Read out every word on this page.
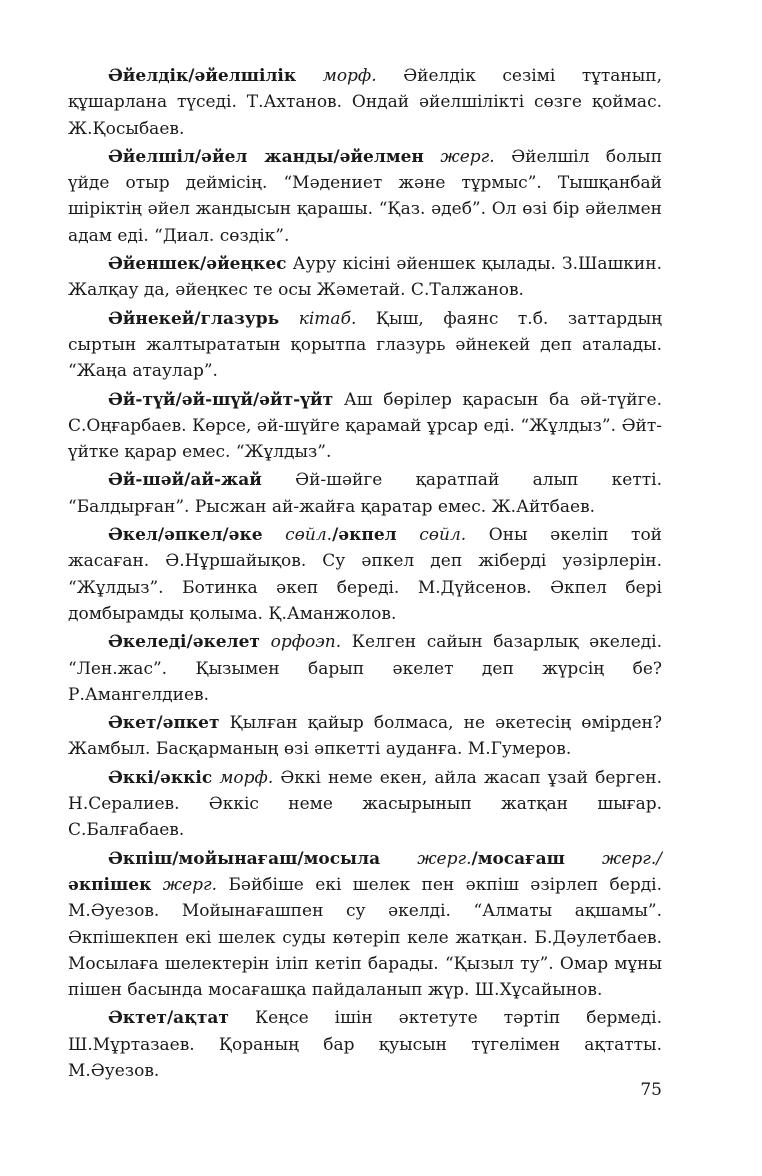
Әйелдік/әйелшілік морф. Әйелдік сезімі тұтанып, құшарлана түседі. Т.Ахтанов. Ондай әйелшілікті сөзге қоймас. Ж.Қосыбаев.

Әйелшіл/әйел жанды/әйелмен жерг. Әйелшіл болып үйде отыр деймісің. “Мәдениет және тұрмыс”. Тышқанбай шіріктің әйел жандысын қарашы. “Қаз. әдеб”. Ол өзі бір әйелмен адам еді. “Диал. сөздік”.

Әйеншек/әйеңкес Ауру кісіні әйеншек қылады. З.Шашкин. Жалқау да, әйеңкес те осы Жәметай. С.Талжанов.

Әйнекей/глазурь кітаб. Қыш, фаянс т.б. заттардың сыртын жалтырататын қорытпа глазурь әйнекей деп аталады. “Жаңа атаулар”.

Әй-түй/әй-шүй/әйт-үйт Аш бөрілер қарасын ба әй-түйге. С.Оңғарбаев. Көрсе, әй-шүйге қарамай ұрсар еді. “Жұлдыз”. Әйт-үйтке қарар емес. “Жұлдыз”.

Әй-шәй/ай-жай Әй-шәйге қаратпай алып кетті. “Балдырған”. Рысжан ай-жайға қаратар емес. Ж.Айтбаев.

Әкел/әпкел/әке сөйл./әкпел сөйл. Оны әкеліп той жасаған. Ә.Нұршайықов. Су әпкел деп жіберді уәзірлерін. “Жұлдыз”. Ботинка әкеп береді. М.Дүйсенов. Әкпел бері домбырамды қолыма. Қ.Аманжолов.

Әкеледі/әкелет орфоэп. Келген сайын базарлық әкеледі. “Лен.жас”. Қызымен барып әкелет деп жүрсің бе? Р.Амангелдиев.

Әкет/әпкет Қылған қайыр болмаса, не әкетесің өмірден? Жамбыл. Басқарманың өзі әпкетті ауданға. М.Гумеров.

Әккі/әккіс морф. Әккі неме екен, айла жасап ұзай берген. Н.Сералиев. Әккіс неме жасырынып жатқан шығар. С.Балғабаев.

Әкпіш/мойынағаш/мосыла жерг./мосағаш жерг./ әкпішек жерг. Бәйбіше екі шелек пен әкпіш әзірлеп берді. М.Әуезов. Мойынағашпен су әкелді. “Алматы ақшамы”. Әкпішекпен екі шелек суды көтеріп келе жатқан. Б.Дәулетбаев. Мосылаға шелектерін іліп кетіп барады. “Қызыл ту”. Омар мұны пішен басында мосағашқа пайдаланып жүр. Ш.Хұсайынов.

Әктет/ақтат Кеңсе ішін әктетуте тәртіп бермеді. Ш.Мұртазаев. Қораның бар қуысын түгелімен ақтатты. М.Әуезов.

75
